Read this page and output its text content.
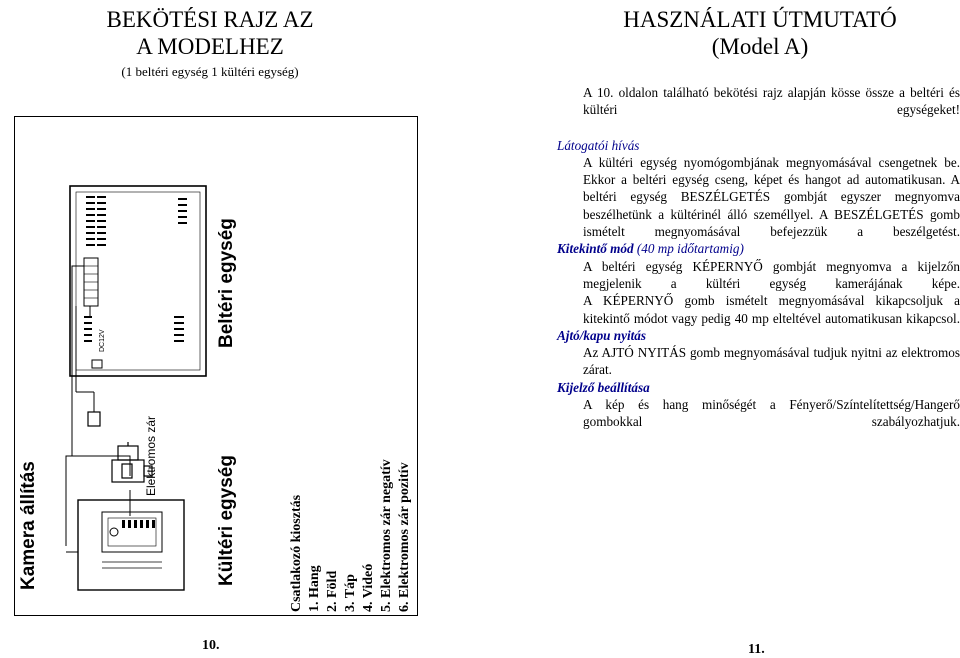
BEKÖTÉSI RAJZ AZ
A MODELHEZ
(1 beltéri egység 1 kültéri egység)
DC12V
Elektromos zár
Beltéri egység
Kültéri egység
Kamera állítás	Csatlakozó kiosztás 1. Hang 2. Föld 3. Táp 4. Videó 5. Elektromos zár negatív 6. Elektromos zár pozitív
10.
HASZNÁLATI ÚTMUTATÓ
(Model A)

A 10. oldalon található bekötési rajz alapján kösse össze a beltéri és kültéri egységeket!

Látogatói hívás

A kültéri egység nyomógombjának megnyomásával csengetnek be. Ekkor a beltéri egység cseng, képet és hangot ad automatikusan. A beltéri egység BESZÉLGETÉS gombját egyszer megnyomva beszélhetünk a kültérinél álló személlyel. A BESZÉLGETÉS gomb ismételt megnyomásával befejezzük a beszélgetést.

Kitekintő mód (40 mp időtartamig)

A beltéri egység KÉPERNYŐ gombját megnyomva a kijelzőn megjelenik a kültéri egység kamerájának képe.

A KÉPERNYŐ gomb ismételt megnyomásával kikapcsoljuk a kitekintő módot vagy pedig 40 mp elteltével automatikusan kikapcsol.

Ajtó/kapu nyitás

Az AJTÓ NYITÁS gomb megnyomásával tudjuk nyitni az elektromos zárat.

Kijelző beállítása

A kép és hang minőségét a Fényerő/Színtelítettség/Hangerő gombokkal szabályozhatjuk.

11.
